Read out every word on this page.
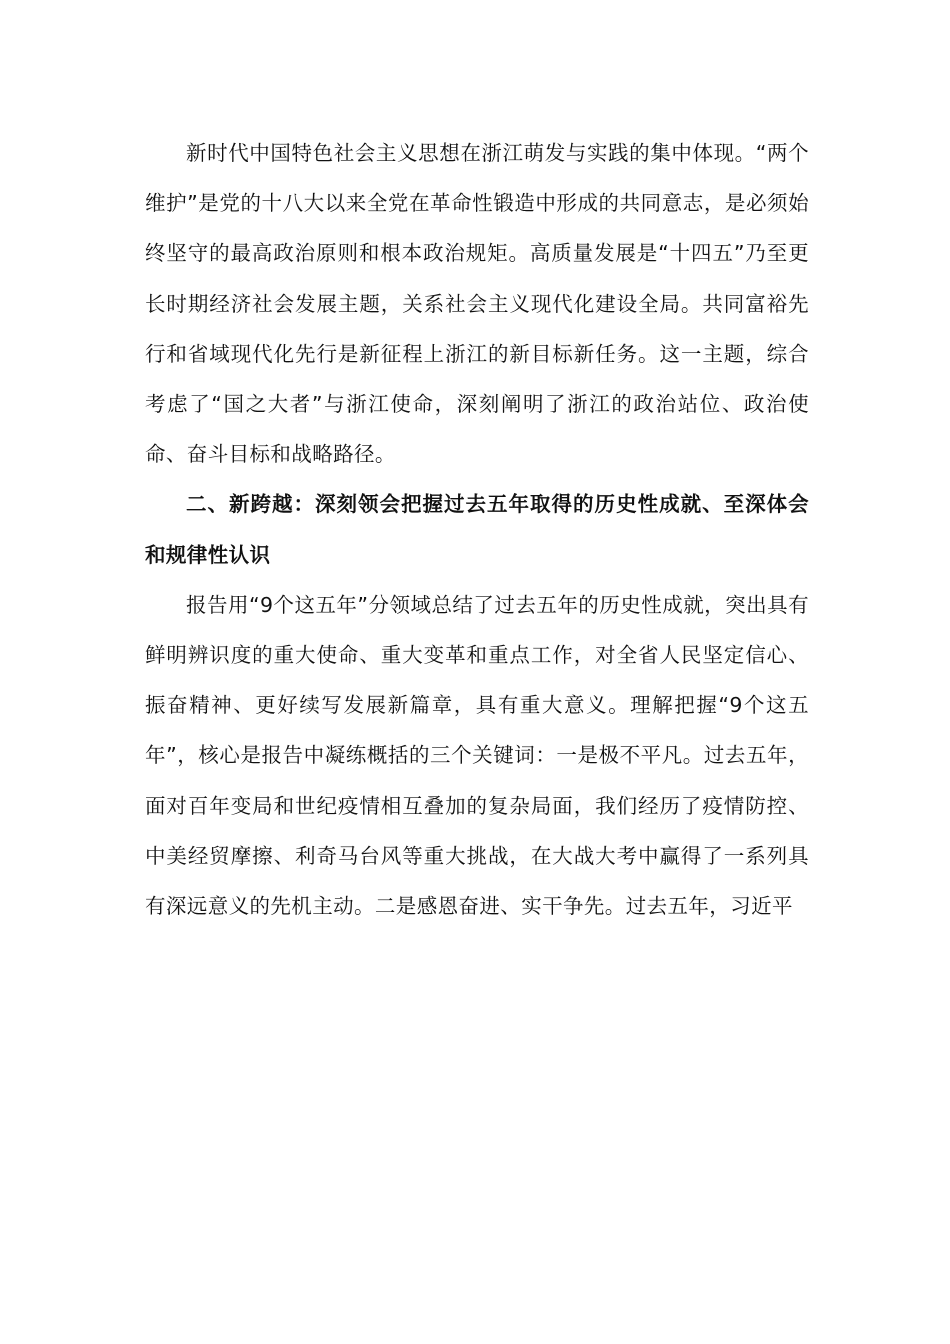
新时代中国特色社会主义思想在浙江萌发与实践的集中体现。“两个维护”是党的十八大以来全党在革命性锻造中形成的共同意志，是必须始终坚守的最高政治原则和根本政治规矩。高质量发展是“十四五”乃至更长时期经济社会发展主题，关系社会主义现代化建设全局。共同富裕先行和省域现代化先行是新征程上浙江的新目标新任务。这一主题，综合考虑了“国之大者”与浙江使命，深刻阐明了浙江的政治站位、政治使命、奋斗目标和战略路径。

二、新跨越：深刻领会把握过去五年取得的历史性成就、至深体会和规律性认识

报告用“9个这五年”分领域总结了过去五年的历史性成就，突出具有鲜明辨识度的重大使命、重大变革和重点工作，对全省人民坚定信心、振奋精神、更好续写发展新篇章，具有重大意义。理解把握“9个这五年”，核心是报告中凝练概括的三个关键词：一是极不平凡。过去五年，面对百年变局和世纪疫情相互叠加的复杂局面，我们经历了疫情防控、中美经贸摩擦、利奇马台风等重大挑战，在大战大考中赢得了一系列具有深远意义的先机主动。二是感恩奋进、实干争先。过去五年，习近平
